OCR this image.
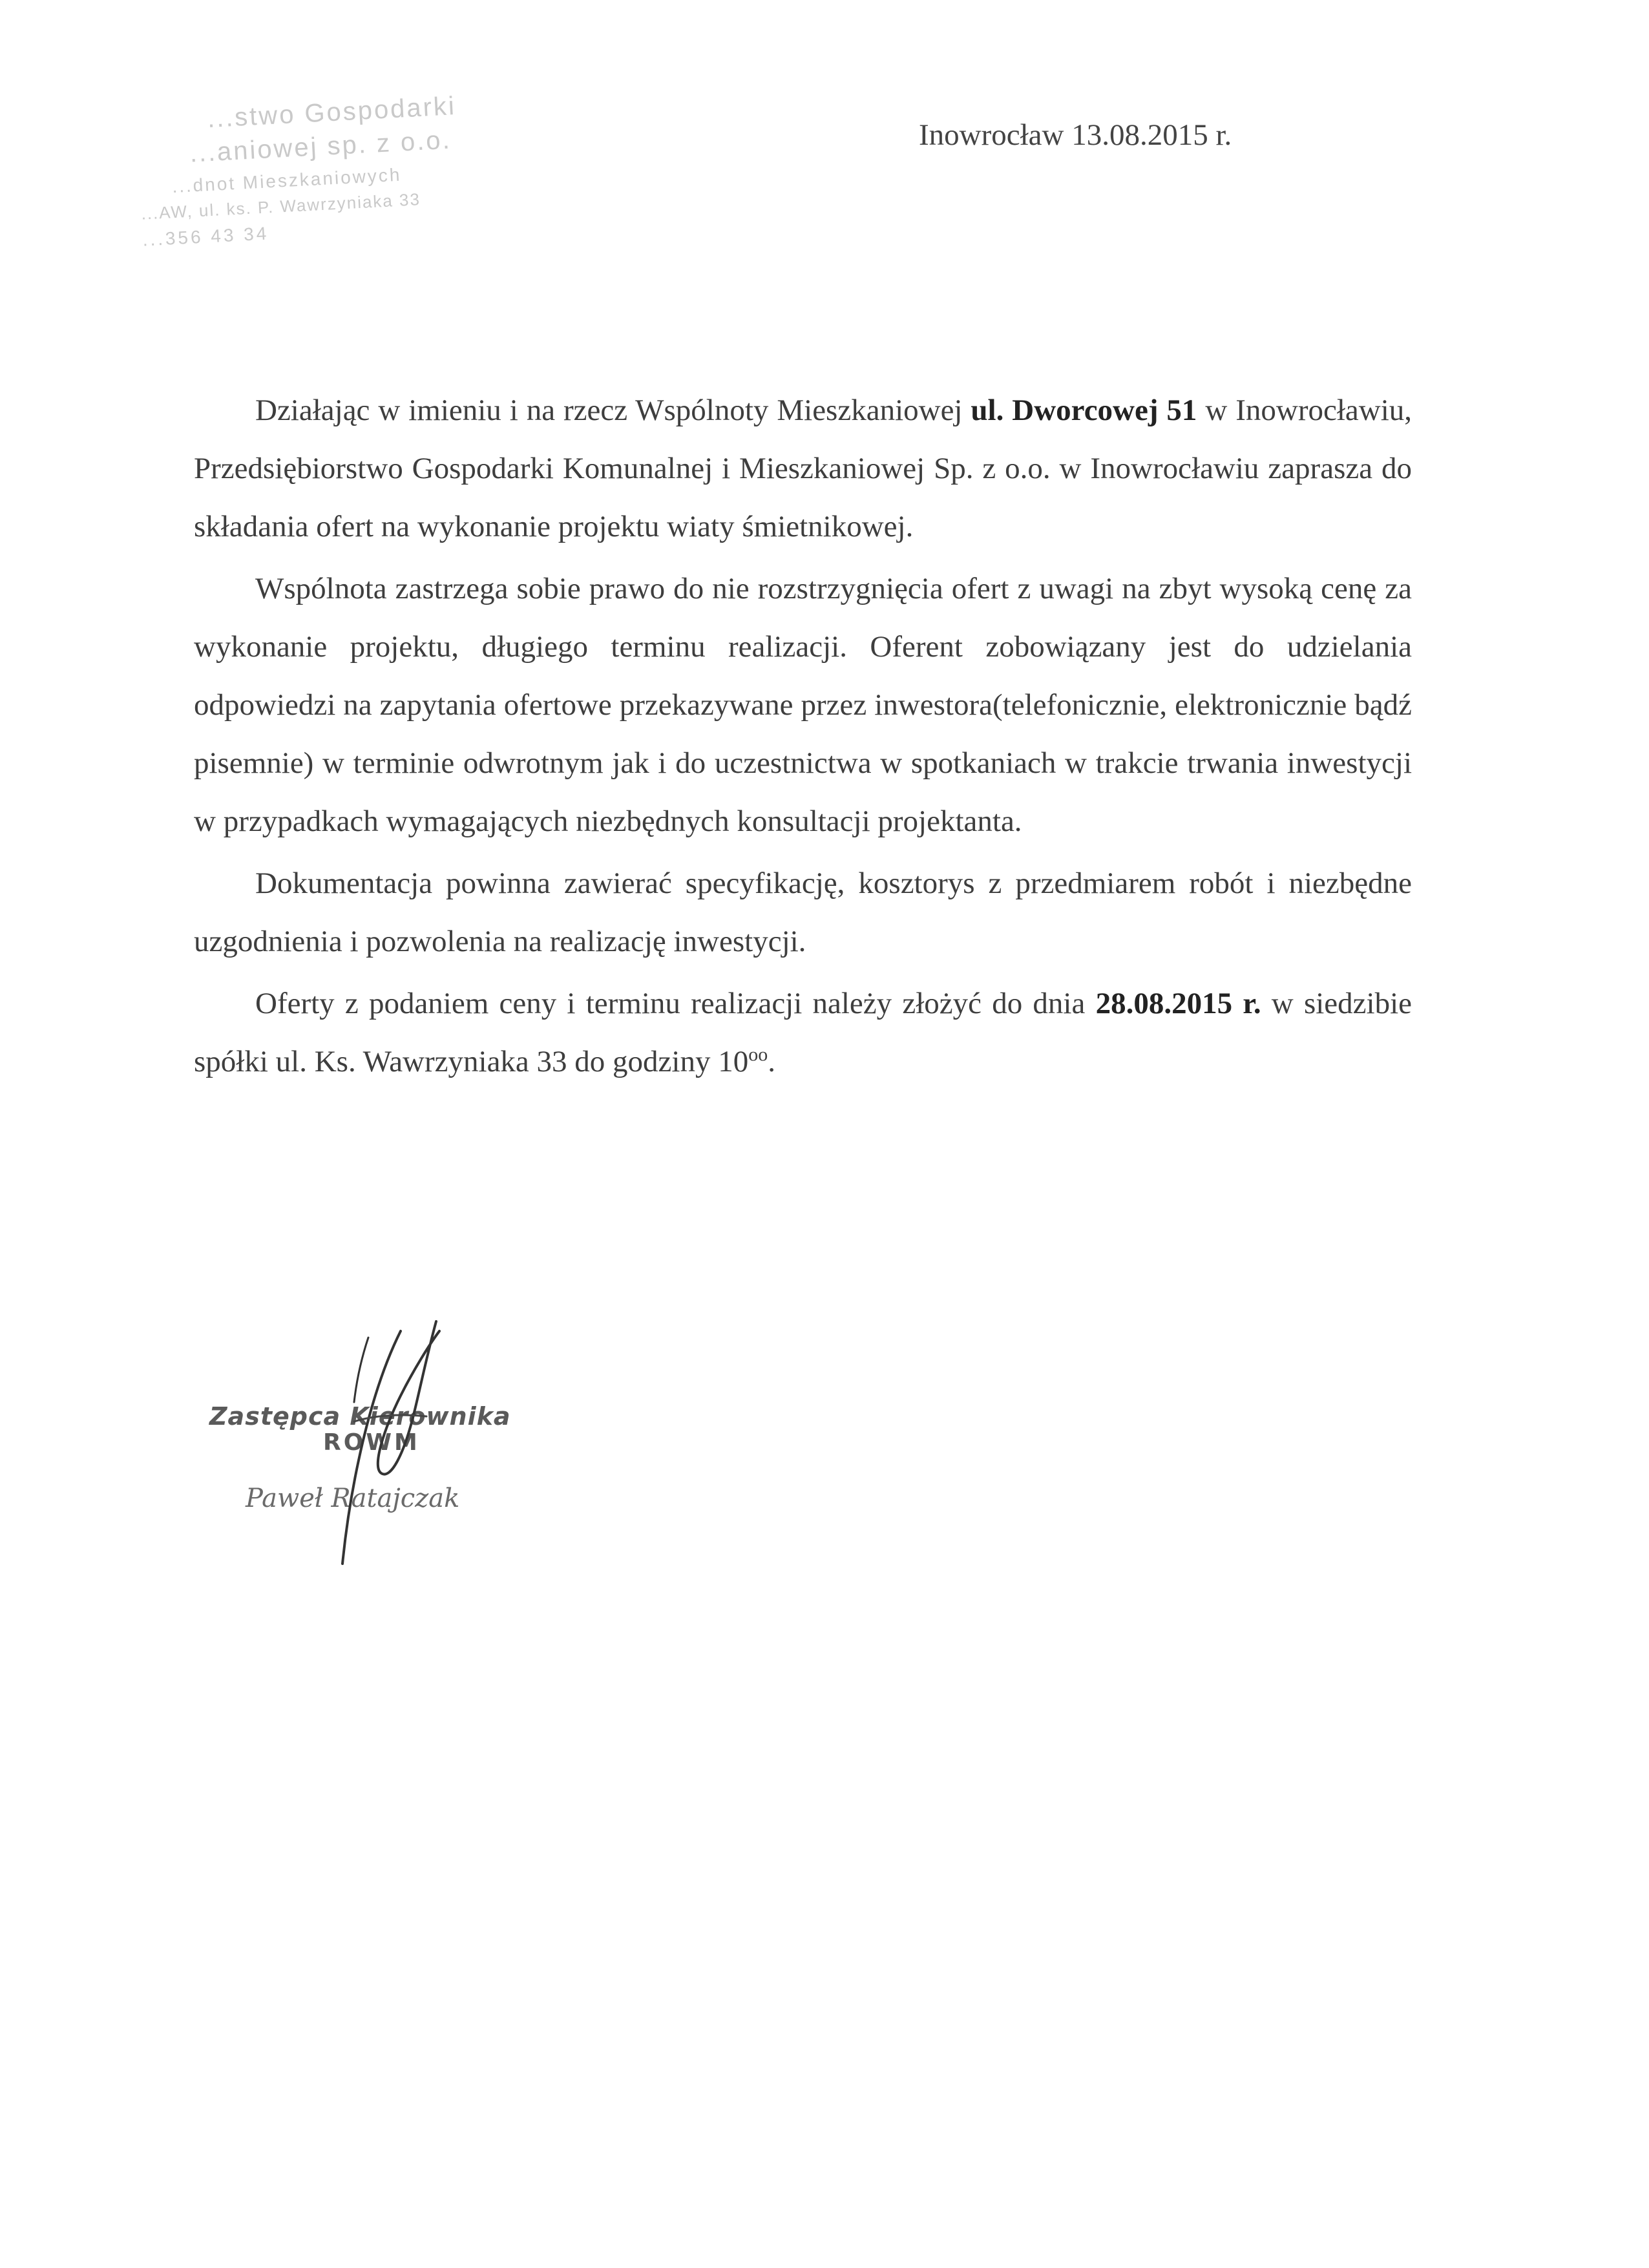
...stwo Gospodarki
...aniowej sp. z o.o.
...dnot Mieszkaniowych
...AW, ul. ks. P. Wawrzyniaka 33
...356 43 34
Inowrocław 13.08.2015 r.

Działając w imieniu i na rzecz Wspólnoty Mieszkaniowej ul. Dworcowej 51 w Inowrocławiu, Przedsiębiorstwo Gospodarki Komunalnej i Mieszkaniowej Sp. z o.o. w Inowrocławiu zaprasza do składania ofert na wykonanie projektu wiaty śmietnikowej.

Wspólnota zastrzega sobie prawo do nie rozstrzygnięcia ofert z uwagi na zbyt wysoką cenę za wykonanie projektu, długiego terminu realizacji. Oferent zobowiązany jest do udzielania odpowiedzi na zapytania ofertowe przekazywane przez inwestora(telefonicznie, elektronicznie bądź pisemnie) w terminie odwrotnym jak i do uczestnictwa w spotkaniach w trakcie trwania inwestycji w przypadkach wymagających niezbędnych konsultacji projektanta.

Dokumentacja powinna zawierać specyfikację, kosztorys z przedmiarem robót i niezbędne uzgodnienia i pozwolenia na realizację inwestycji.

Oferty z podaniem ceny i terminu realizacji należy złożyć do dnia 28.08.2015 r. w siedzibie spółki ul. Ks. Wawrzyniaka 33 do godziny $10^{oo}$.

Zastępca Kierownika
ROWM
Paweł Ratajczak
